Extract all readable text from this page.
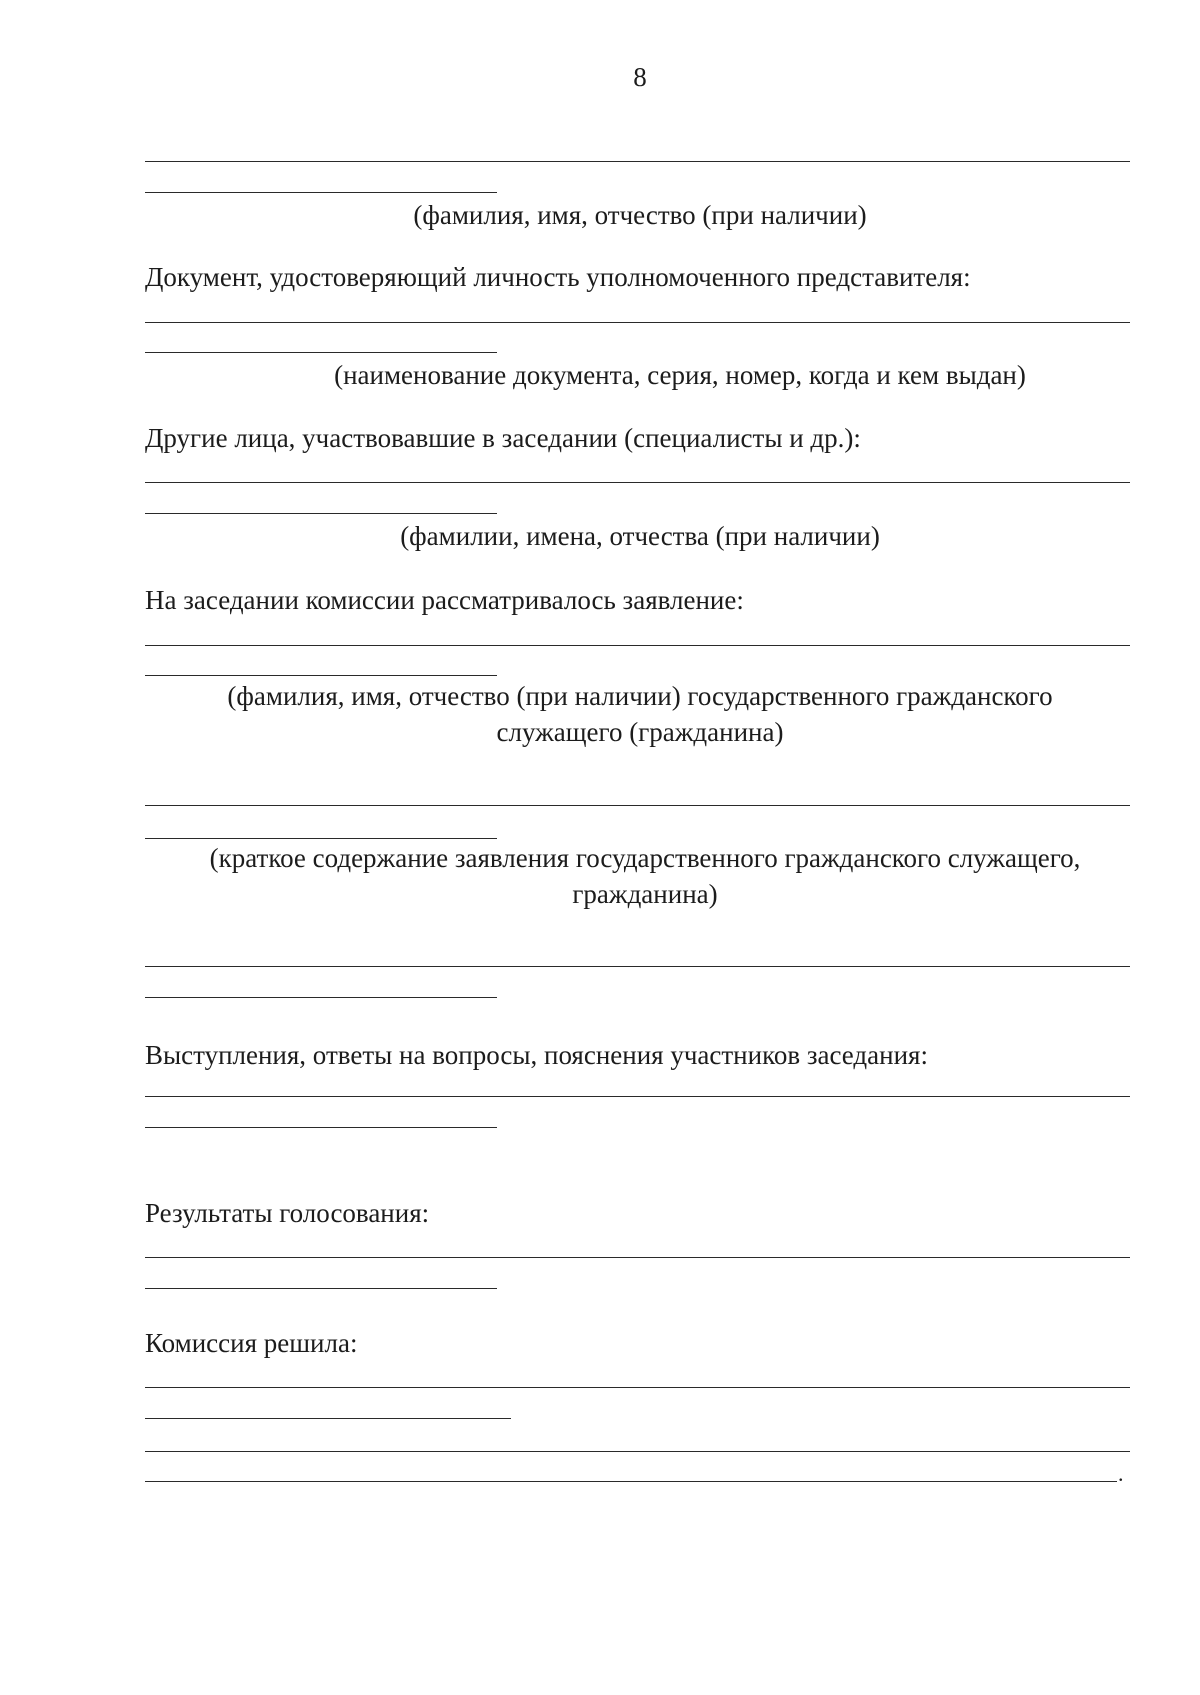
8
(фамилия, имя, отчество (при наличии)
Документ, удостоверяющий личность уполномоченного представителя:
(наименование документа, серия, номер, когда и кем выдан)
Другие лица, участвовавшие в заседании (специалисты и др.):
(фамилии, имена, отчества (при наличии)
На заседании комиссии рассматривалось заявление:
(фамилия, имя, отчество (при наличии) государственного гражданского
служащего (гражданина)
(краткое содержание заявления государственного гражданского служащего,
гражданина)
Выступления, ответы на вопросы, пояснения участников заседания:
Результаты голосования:
Комиссия решила:
.
